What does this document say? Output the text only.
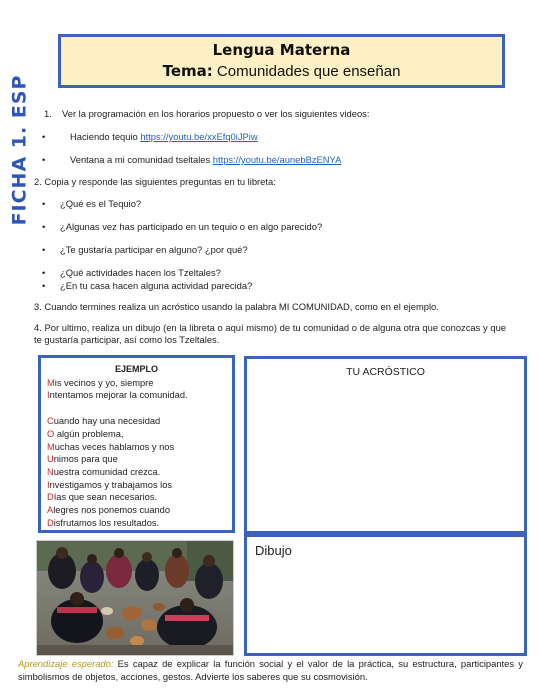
FICHA 1. ESP
Lengua Materna
Tema: Comunidades que enseñan
1. Ver la programación en los horarios propuesto o ver los siguientes videos:
•	Haciendo tequio https://youtu.be/xxEfq0iJPiw
•	Ventana a mi comunidad tseltales https://youtu.be/aunebBzENYA
2. Copia y responde las siguientes preguntas en tu libreta:
• ¿Qué es el Tequio?
• ¿Algunas vez has participado en un tequio o en algo parecido?
• ¿Te gustaría participar en alguno? ¿por qué?
• ¿Qué actividades hacen los Tzeltales?
• ¿En tu casa hacen alguna actividad parecida?
3. Cuando termines realiza un acróstico usando la palabra MI COMUNIDAD, como en el ejemplo.
4. Por ultimo, realiza un dibujo (en la libreta o aquí mismo) de tu comunidad o de alguna otra que conozcas y que te gustaría participar, así como los Tzeltales.
EJEMPLO
Mis vecinos y yo, siempre
Intentamos mejorar la comunidad.
Cuando hay una necesidad
O algún problema,
Muchas veces hablamos y nos
Unimos para que
Nuestra comunidad crezca.
Investigamos y trabajamos los
Días que sean necesarios.
Alegres nos ponemos cuando
Disfrutamos los resultados.
TU ACRÓSTICO
Dibujo
Aprendizaje esperado: Es capaz de explicar la función social y el valor de la práctica, su estructura, participantes y simbolismos de objetos, acciones, gestos. Advierte los saberes que su cosmovisión.
